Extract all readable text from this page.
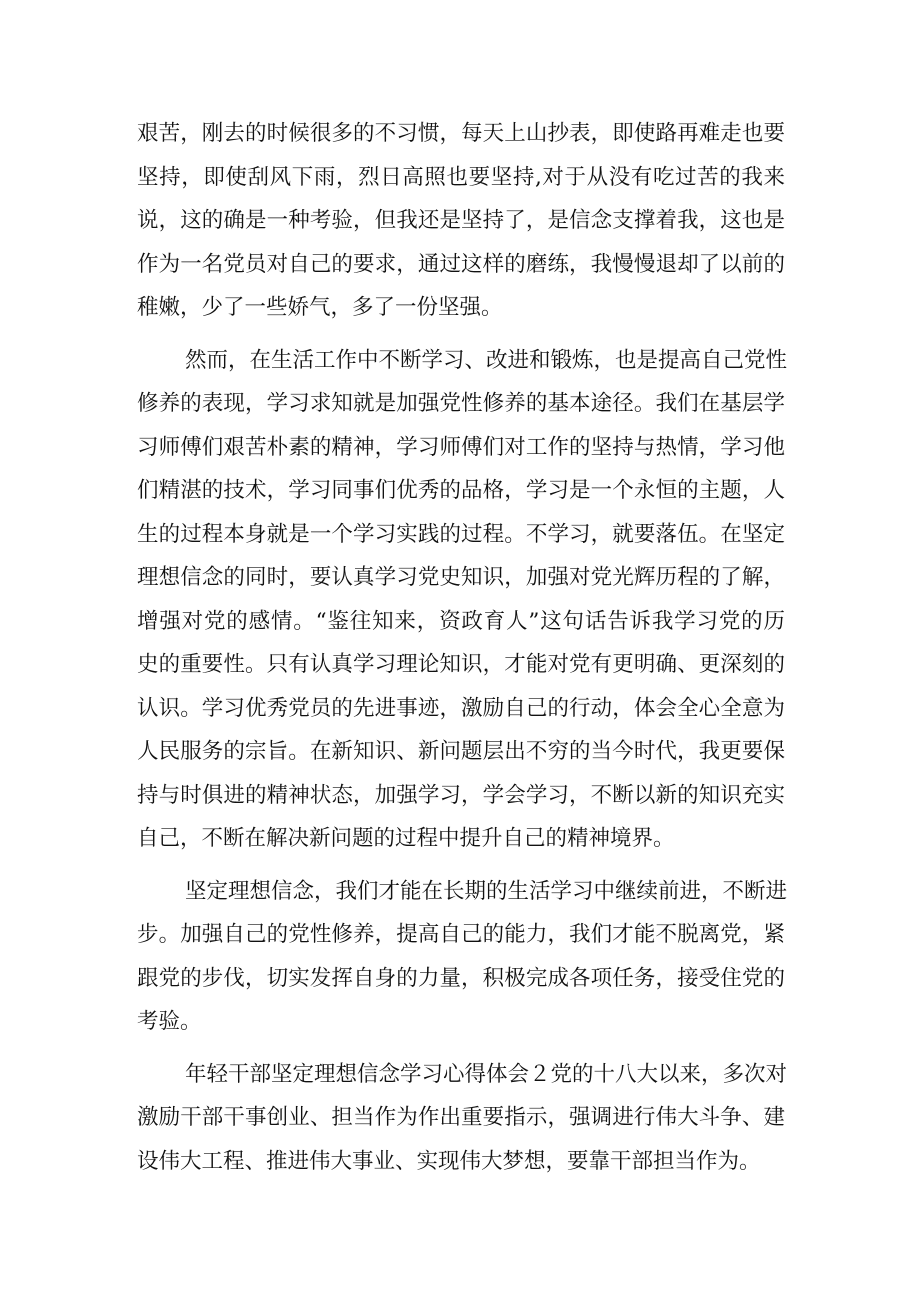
艰苦，刚去的时候很多的不习惯，每天上山抄表，即使路再难走也要
坚持，即使刮风下雨，烈日高照也要坚持,对于从没有吃过苦的我来
说，这的确是一种考验，但我还是坚持了，是信念支撑着我，这也是
作为一名党员对自己的要求，通过这样的磨练，我慢慢退却了以前的
稚嫩，少了一些娇气，多了一份坚强。
然而，在生活工作中不断学习、改进和锻炼，也是提高自己党性
修养的表现，学习求知就是加强党性修养的基本途径。我们在基层学
习师傅们艰苦朴素的精神，学习师傅们对工作的坚持与热情，学习他
们精湛的技术，学习同事们优秀的品格，学习是一个永恒的主题，人
生的过程本身就是一个学习实践的过程。不学习，就要落伍。在坚定
理想信念的同时，要认真学习党史知识，加强对党光辉历程的了解，
增强对党的感情。“鉴往知来，资政育人”这句话告诉我学习党的历
史的重要性。只有认真学习理论知识，才能对党有更明确、更深刻的
认识。学习优秀党员的先进事迹，激励自己的行动，体会全心全意为
人民服务的宗旨。在新知识、新问题层出不穷的当今时代，我更要保
持与时俱进的精神状态，加强学习，学会学习，不断以新的知识充实
自己，不断在解决新问题的过程中提升自己的精神境界。
坚定理想信念，我们才能在长期的生活学习中继续前进，不断进
步。加强自己的党性修养，提高自己的能力，我们才能不脱离党，紧
跟党的步伐，切实发挥自身的力量，积极完成各项任务，接受住党的
考验。
年轻干部坚定理想信念学习心得体会２党的十八大以来，多次对
激励干部干事创业、担当作为作出重要指示，强调进行伟大斗争、建
设伟大工程、推进伟大事业、实现伟大梦想，要靠干部担当作为。
